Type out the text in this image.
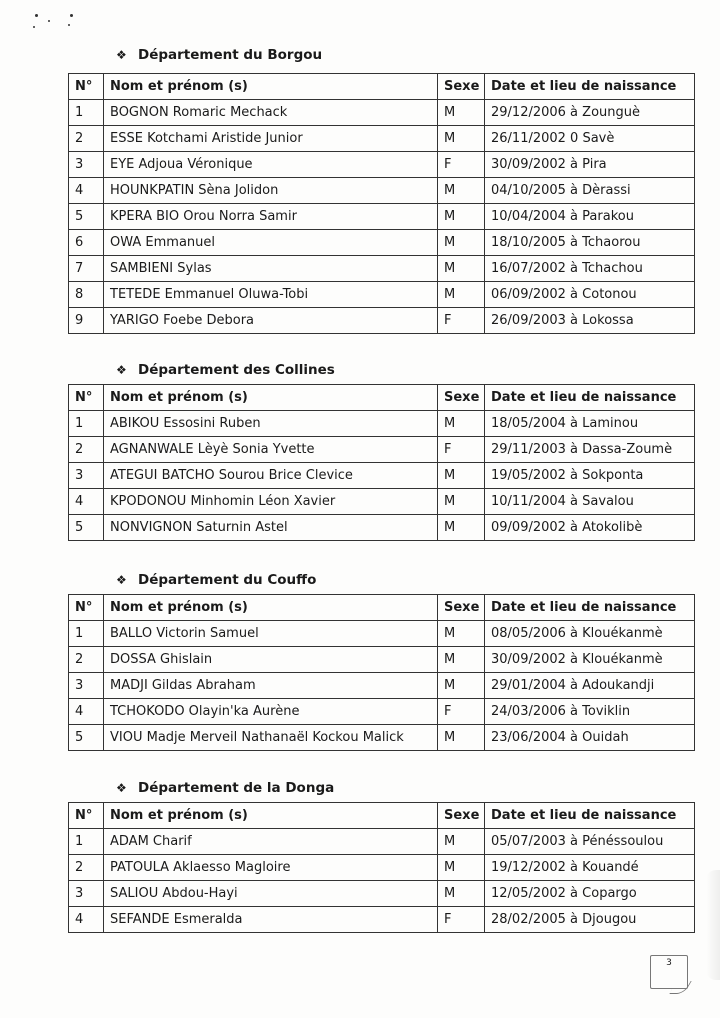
❖ Département du Borgou
N°	Nom et prénom (s)	Sexe	Date et lieu de naissance
1	BOGNON Romaric Mechack	M	29/12/2006 à Zounguè
2	ESSE Kotchami Aristide Junior	M	26/11/2002 0 Savè
3	EYE Adjoua Véronique	F	30/09/2002 à Pira
4	HOUNKPATIN Sèna Jolidon	M	04/10/2005 à Dèrassi
5	KPERA BIO Orou Norra Samir	M	10/04/2004 à Parakou
6	OWA Emmanuel	M	18/10/2005 à Tchaorou
7	SAMBIENI Sylas	M	16/07/2002 à Tchachou
8	TETEDE Emmanuel Oluwa-Tobi	M	06/09/2002 à Cotonou
9	YARIGO Foebe Debora	F	26/09/2003 à Lokossa
❖ Département des Collines
N°	Nom et prénom (s)	Sexe	Date et lieu de naissance
1	ABIKOU Essosini Ruben	M	18/05/2004 à Laminou
2	AGNANWALE Lèyè Sonia Yvette	F	29/11/2003 à Dassa-Zoumè
3	ATEGUI BATCHO Sourou Brice Clevice	M	19/05/2002 à Sokponta
4	KPODONOU Minhomin Léon Xavier	M	10/11/2004 à Savalou
5	NONVIGNON Saturnin Astel	M	09/09/2002 à Atokolibè
❖ Département du Couffo
N°	Nom et prénom (s)	Sexe	Date et lieu de naissance
1	BALLO Victorin Samuel	M	08/05/2006 à Klouékanmè
2	DOSSA Ghislain	M	30/09/2002 à Klouékanmè
3	MADJI Gildas Abraham	M	29/01/2004 à Adoukandji
4	TCHOKODO Olayin'ka Aurène	F	24/03/2006 à Toviklin
5	VIOU Madje Merveil Nathanaël Kockou Malick	M	23/06/2004 à Ouidah
❖ Département de la Donga
N°	Nom et prénom (s)	Sexe	Date et lieu de naissance
1	ADAM Charif	M	05/07/2003 à Pénéssoulou
2	PATOULA Aklaesso Magloire	M	19/12/2002 à Kouandé
3	SALIOU Abdou-Hayi	M	12/05/2002 à Copargo
4	SEFANDE Esmeralda	F	28/02/2005 à Djougou
3
